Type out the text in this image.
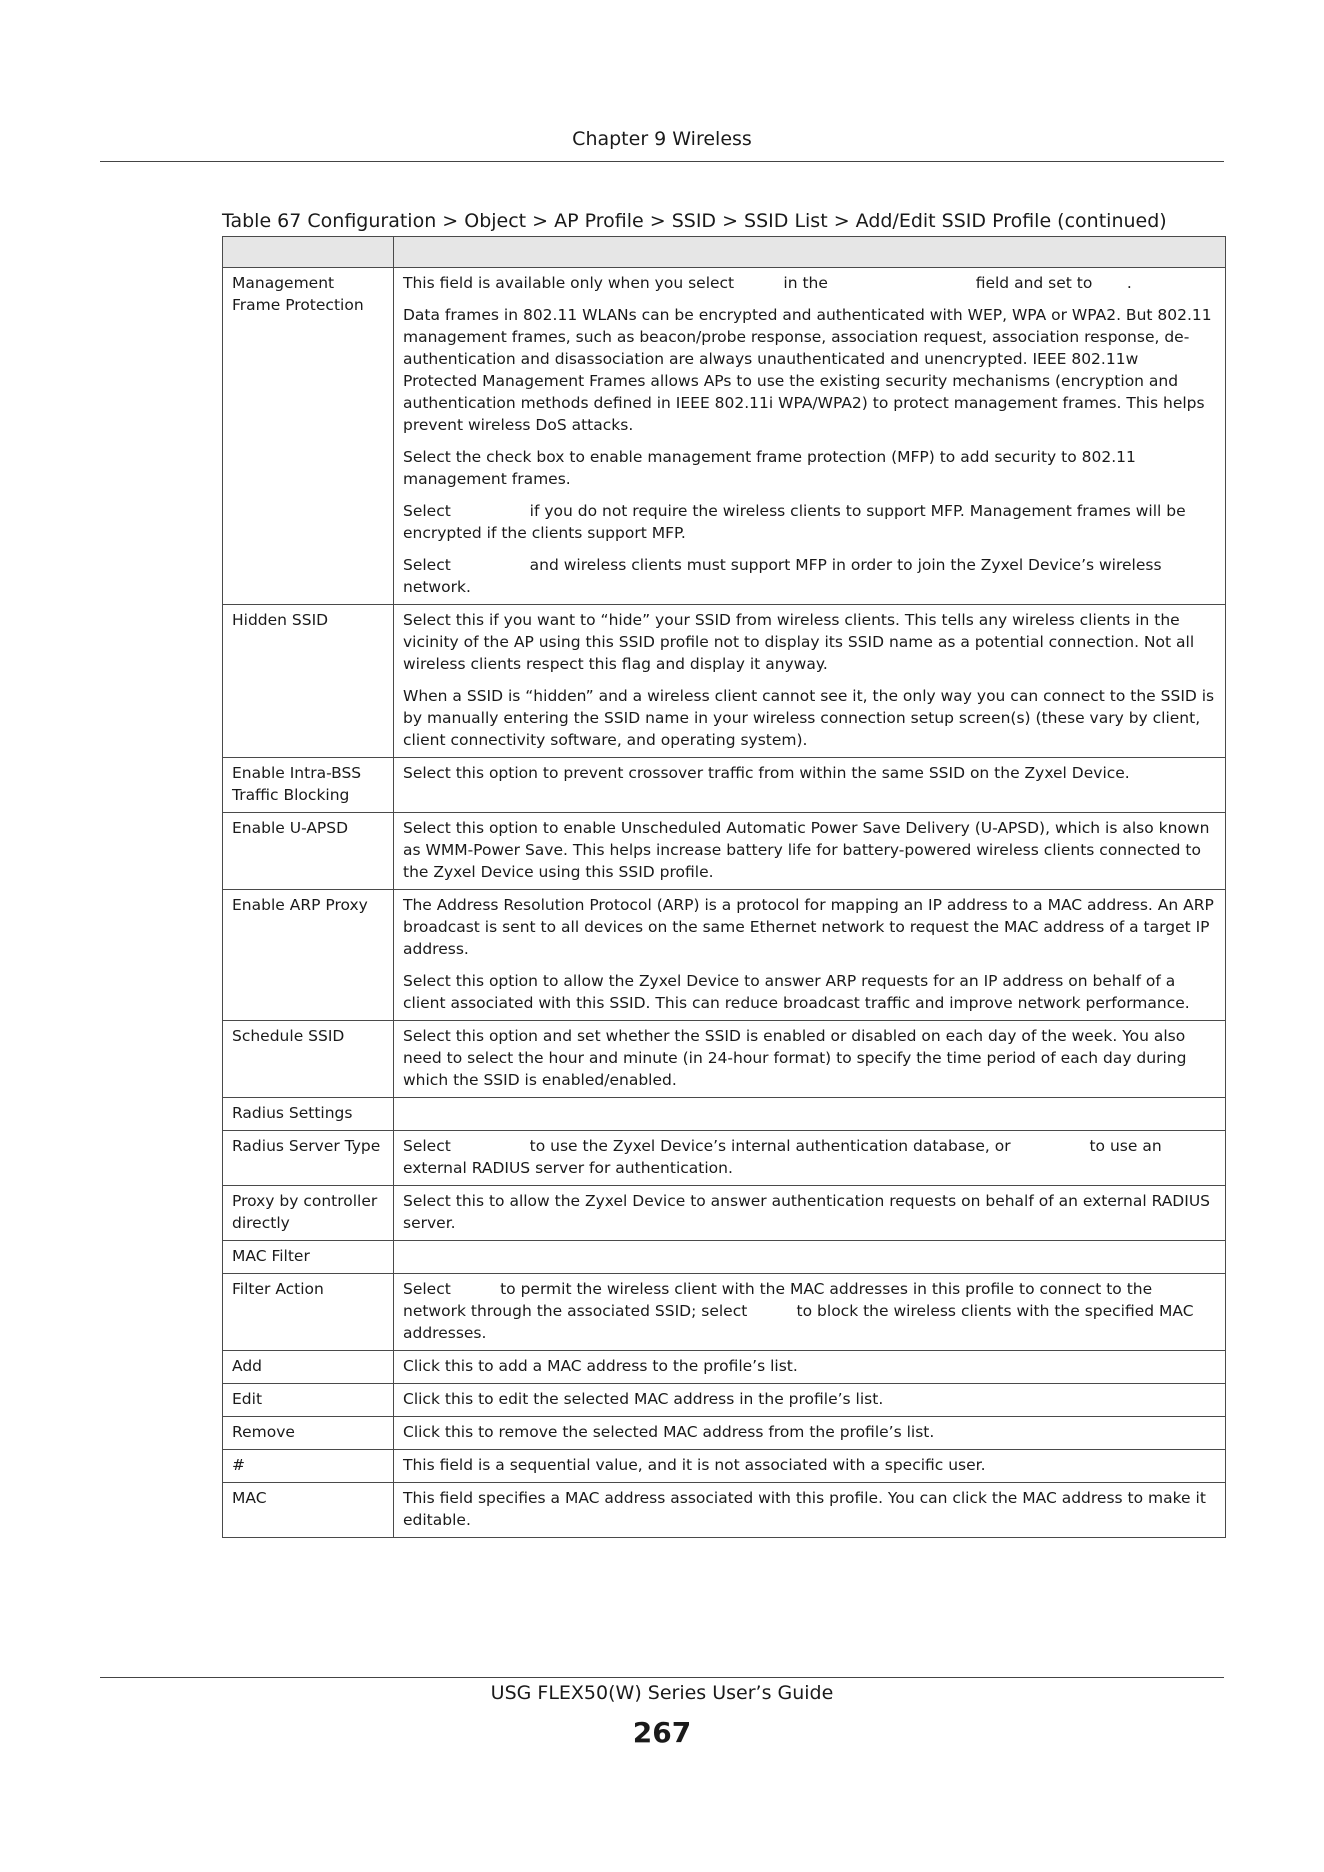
Chapter 9 Wireless
Table 67 Configuration > Object > AP Profile > SSID > SSID List > Add/Edit SSID Profile (continued)

Management Frame Protection	This field is available only when you select          in the                              field and set to       .

Data frames in 802.11 WLANs can be encrypted and authenticated with WEP, WPA or WPA2. But 802.11 management frames, such as beacon/probe response, association request, association response, de-authentication and disassociation are always unauthenticated and unencrypted. IEEE 802.11w Protected Management Frames allows APs to use the existing security mechanisms (encryption and authentication methods defined in IEEE 802.11i WPA/WPA2) to protect management frames. This helps prevent wireless DoS attacks.

Select the check box to enable management frame protection (MFP) to add security to 802.11 management frames.

Select                if you do not require the wireless clients to support MFP. Management frames will be encrypted if the clients support MFP.

Select                and wireless clients must support MFP in order to join the Zyxel Device’s wireless network.

Hidden SSID	Select this if you want to “hide” your SSID from wireless clients. This tells any wireless clients in the vicinity of the AP using this SSID profile not to display its SSID name as a potential connection. Not all wireless clients respect this flag and display it anyway.

When a SSID is “hidden” and a wireless client cannot see it, the only way you can connect to the SSID is by manually entering the SSID name in your wireless connection setup screen(s) (these vary by client, client connectivity software, and operating system).

Enable Intra-BSS Traffic Blocking	Select this option to prevent crossover traffic from within the same SSID on the Zyxel Device.

Enable U-APSD	Select this option to enable Unscheduled Automatic Power Save Delivery (U-APSD), which is also known as WMM-Power Save. This helps increase battery life for battery-powered wireless clients connected to the Zyxel Device using this SSID profile.

Enable ARP Proxy	The Address Resolution Protocol (ARP) is a protocol for mapping an IP address to a MAC address. An ARP broadcast is sent to all devices on the same Ethernet network to request the MAC address of a target IP address.

Select this option to allow the Zyxel Device to answer ARP requests for an IP address on behalf of a client associated with this SSID. This can reduce broadcast traffic and improve network performance.

Schedule SSID	Select this option and set whether the SSID is enabled or disabled on each day of the week. You also need to select the hour and minute (in 24-hour format) to specify the time period of each day during which the SSID is enabled/enabled.

Radius Settings	

Radius Server Type	Select                to use the Zyxel Device’s internal authentication database, or                to use an external RADIUS server for authentication.

Proxy by controller directly	Select this to allow the Zyxel Device to answer authentication requests on behalf of an external RADIUS server.

MAC Filter	

Filter Action	Select          to permit the wireless client with the MAC addresses in this profile to connect to the network through the associated SSID; select          to block the wireless clients with the specified MAC addresses.

Add	Click this to add a MAC address to the profile’s list.

Edit	Click this to edit the selected MAC address in the profile’s list.

Remove	Click this to remove the selected MAC address from the profile’s list.

#	This field is a sequential value, and it is not associated with a specific user.

MAC	This field specifies a MAC address associated with this profile. You can click the MAC address to make it editable.

USG FLEX50(W) Series User’s Guide
267
